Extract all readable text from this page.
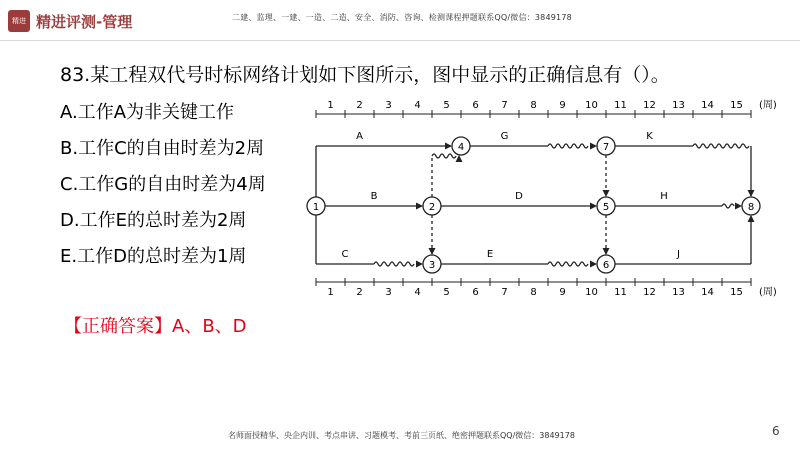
精进 精进评测-管理	二建、监理、一建、一造、二造、安全、消防、咨询、检测课程押题联系QQ/微信：3849178
83.某工程双代号时标网络计划如下图所示，图中显示的正确信息有（）。
A.工作A为非关键工作
B.工作C的自由时差为2周
C.工作G的自由时差为4周
D.工作E的总时差为2周
E.工作D的总时差为1周
【正确答案】A、B、D
1 2 3 4 5 6 7 8 9 10 11 12 13 14 15 (周)
1 2 3 4 5 6 7 8 9 10 11 12 13 14 15 (周)
1	2
3
4
5
6
7
8
A
B
C
D
E
G
H
J
K
名师面授精华、央企内训、考点串讲、习题模考、考前三页纸、绝密押题联系QQ/微信：3849178	6
